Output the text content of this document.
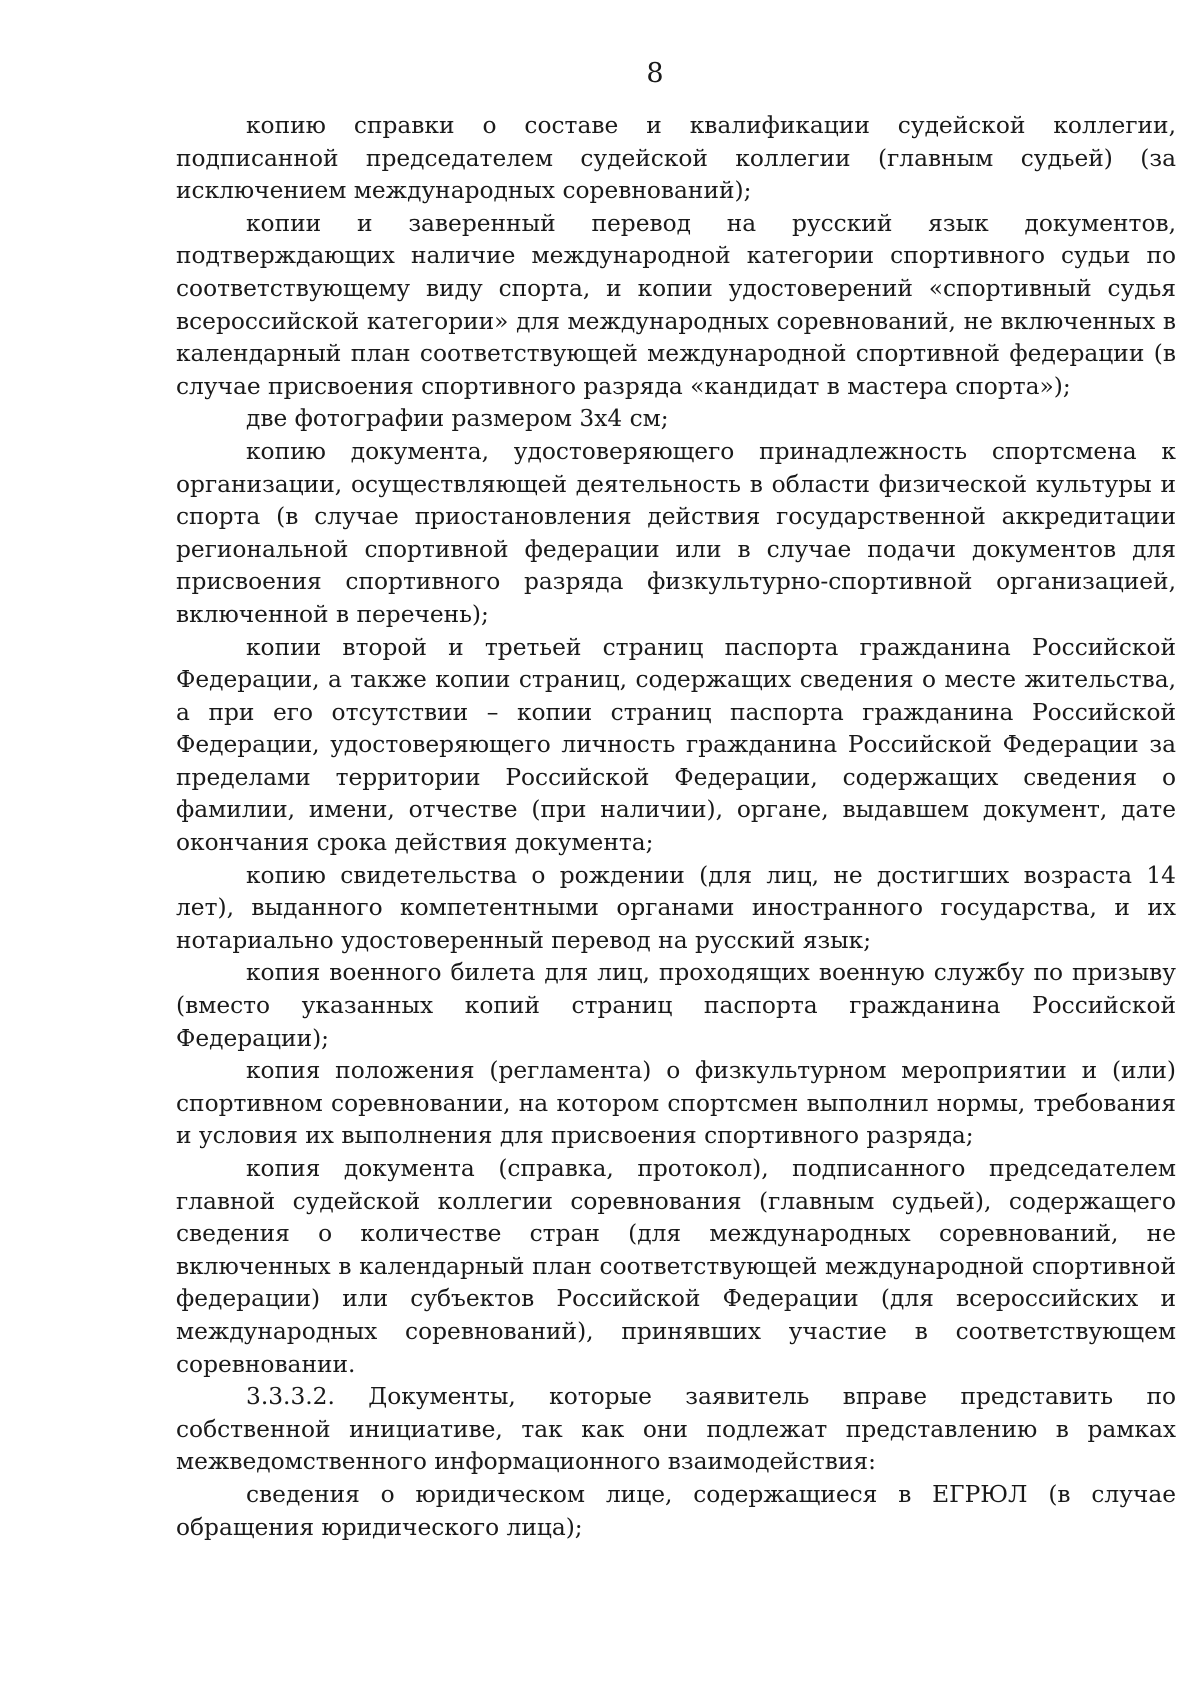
8

копию справки о составе и квалификации судейской коллегии, подписанной председателем судейской коллегии (главным судьей) (за исключением международных соревнований);

копии и заверенный перевод на русский язык документов, подтверждающих наличие международной категории спортивного судьи по соответствующему виду спорта, и копии удостоверений «спортивный судья всероссийской категории» для международных соревнований, не включенных в календарный план соответствующей международной спортивной федерации (в случае присвоения спортивного разряда «кандидат в мастера спорта»);

две фотографии размером 3х4 см;

копию документа, удостоверяющего принадлежность спортсмена к организации, осуществляющей деятельность в области физической культуры и спорта (в случае приостановления действия государственной аккредитации региональной спортивной федерации или в случае подачи документов для присвоения спортивного разряда физкультурно-спортивной организацией, включенной в перечень);

копии второй и третьей страниц паспорта гражданина Российской Федерации, а также копии страниц, содержащих сведения о месте жительства, а при его отсутствии – копии страниц паспорта гражданина Российской Федерации, удостоверяющего личность гражданина Российской Федерации за пределами территории Российской Федерации, содержащих сведения о фамилии, имени, отчестве (при наличии), органе, выдавшем документ, дате окончания срока действия документа;

копию свидетельства о рождении (для лиц, не достигших возраста 14 лет), выданного компетентными органами иностранного государства, и их нотариально удостоверенный перевод на русский язык;

копия военного билета для лиц, проходящих военную службу по призыву (вместо указанных копий страниц паспорта гражданина Российской Федерации);

копия положения (регламента) о физкультурном мероприятии и (или) спортивном соревновании, на котором спортсмен выполнил нормы, требования и условия их выполнения для присвоения спортивного разряда;

копия документа (справка, протокол), подписанного председателем главной судейской коллегии соревнования (главным судьей), содержащего сведения о количестве стран (для международных соревнований, не включенных в календарный план соответствующей международной спортивной федерации) или субъектов Российской Федерации (для всероссийских и международных соревнований), принявших участие в соответствующем соревновании.

3.3.3.2. Документы, которые заявитель вправе представить по собственной инициативе, так как они подлежат представлению в рамках межведомственного информационного взаимодействия:

сведения о юридическом лице, содержащиеся в ЕГРЮЛ (в случае обращения юридического лица);
